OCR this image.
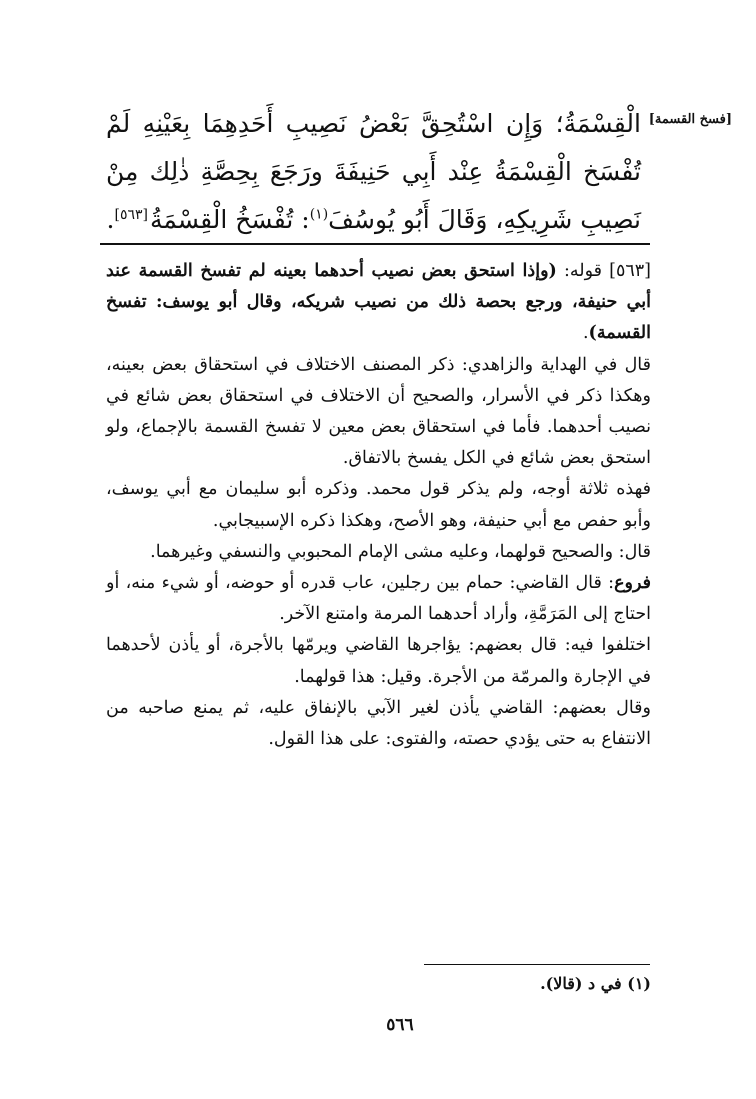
[فسخ القسمة]
الْقِسْمَةُ؛ وَإِن اسْتُحِقَّ بَعْضُ نَصِيبِ أَحَدِهِمَا بِعَيْنِهِ لَمْ تُفْسَخ الْقِسْمَةُ عِنْد أَبِي حَنِيفَةَ ورَجَعَ بِحِصَّةِ ذٰلِك مِنْ نَصِيبِ شَرِيكِهِ، وَقَالَ أَبُو يُوسُفَ$^{(١)}$: تُفْسَخُ الْقِسْمَةُ[٥٦٣].

[٥٦٣] قوله: (وإذا استحق بعض نصيب أحدهما بعينه لم تفسخ القسمة عند أبي حنيفة، ورجع بحصة ذلك من نصيب شريكه، وقال أبو يوسف: تفسخ القسمة).

قال في الهداية والزاهدي: ذكر المصنف الاختلاف في استحقاق بعض بعينه، وهكذا ذكر في الأسرار، والصحيح أن الاختلاف في استحقاق بعض شائع في نصيب أحدهما. فأما في استحقاق بعض معين لا تفسخ القسمة بالإجماع، ولو استحق بعض شائع في الكل يفسخ بالاتفاق.

فهذه ثلاثة أوجه، ولم يذكر قول محمد. وذكره أبو سليمان مع أبي يوسف، وأبو حفص مع أبي حنيفة، وهو الأصح، وهكذا ذكره الإسبيجابي.

قال: والصحيح قولهما، وعليه مشى الإمام المحبوبي والنسفي وغيرهما.

فروع: قال القاضي: حمام بين رجلين، عاب قدره أو حوضه، أو شيء منه، أو احتاج إلى المَرَمَّةِ، وأراد أحدهما المرمة وامتنع الآخر.

اختلفوا فيه: قال بعضهم: يؤاجرها القاضي ويرمّها بالأجرة، أو يأذن لأحدهما في الإجارة والمرمّة من الأجرة. وقيل: هذا قولهما.

وقال بعضهم: القاضي يأذن لغير الآبي بالإنفاق عليه، ثم يمنع صاحبه من الانتفاع به حتى يؤدي حصته، والفتوى: على هذا القول.

(١) في د (قالا).
٥٦٦
